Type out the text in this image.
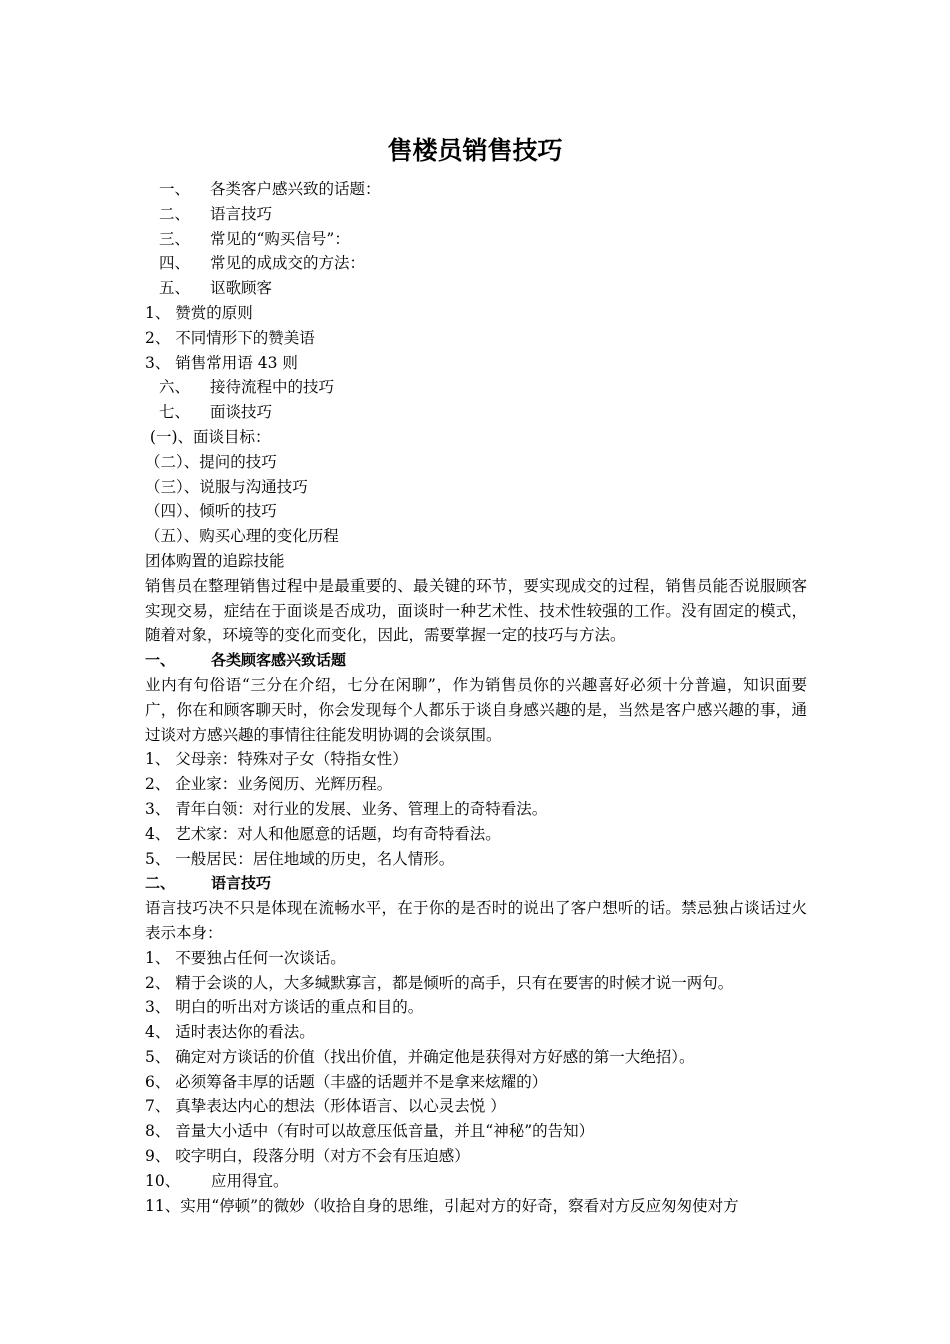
售楼员销售技巧
一、 各类客户感兴致的话题：
二、 语言技巧
三、 常见的“购买信号”：
四、 常见的成成交的方法：
五、 讴歌顾客
1、 赞赏的原则
2、 不同情形下的赞美语
3、 销售常用语 43 则
六、 接待流程中的技巧
七、 面谈技巧
(一)、面谈目标：
（二）、提问的技巧
（三）、说服与沟通技巧
（四）、倾听的技巧
（五）、购买心理的变化历程
团体购置的追踪技能
销售员在整理销售过程中是最重要的、最关键的环节，要实现成交的过程，销售员能否说服顾客实现交易，症结在于面谈是否成功，面谈时一种艺术性、技术性较强的工作。没有固定的模式，随着对象，环境等的变化而变化，因此，需要掌握一定的技巧与方法。
一、 各类顾客感兴致话题
业内有句俗语“三分在介绍，七分在闲聊”，作为销售员你的兴趣喜好必须十分普遍，知识面要广，你在和顾客聊天时，你会发现每个人都乐于谈自身感兴趣的是，当然是客户感兴趣的事，通过谈对方感兴趣的事情往往能发明协调的会谈氛围。
1、 父母亲：特殊对子女（特指女性）
2、 企业家：业务阅历、光辉历程。
3、 青年白领：对行业的发展、业务、管理上的奇特看法。
4、 艺术家：对人和他愿意的话题，均有奇特看法。
5、 一般居民：居住地域的历史，名人情形。
二、 语言技巧
语言技巧决不只是体现在流畅水平，在于你的是否时的说出了客户想听的话。禁忌独占谈话过火表示本身：
1、 不要独占任何一次谈话。
2、 精于会谈的人，大多缄默寡言，都是倾听的高手，只有在要害的时候才说一两句。
3、 明白的听出对方谈话的重点和目的。
4、 适时表达你的看法。
5、 确定对方谈话的价值（找出价值，并确定他是获得对方好感的第一大绝招）。
6、 必须筹备丰厚的话题（丰盛的话题并不是拿来炫耀的）
7、 真挚表达内心的想法（形体语言、以心灵去悦 ）
8、 音量大小适中（有时可以故意压低音量，并且“神秘”的告知）
9、 咬字明白，段落分明（对方不会有压迫感）
10、 应用得宜。
11、实用“停顿”的微妙（收拾自身的思维，引起对方的好奇，察看对方反应匆匆使对方
